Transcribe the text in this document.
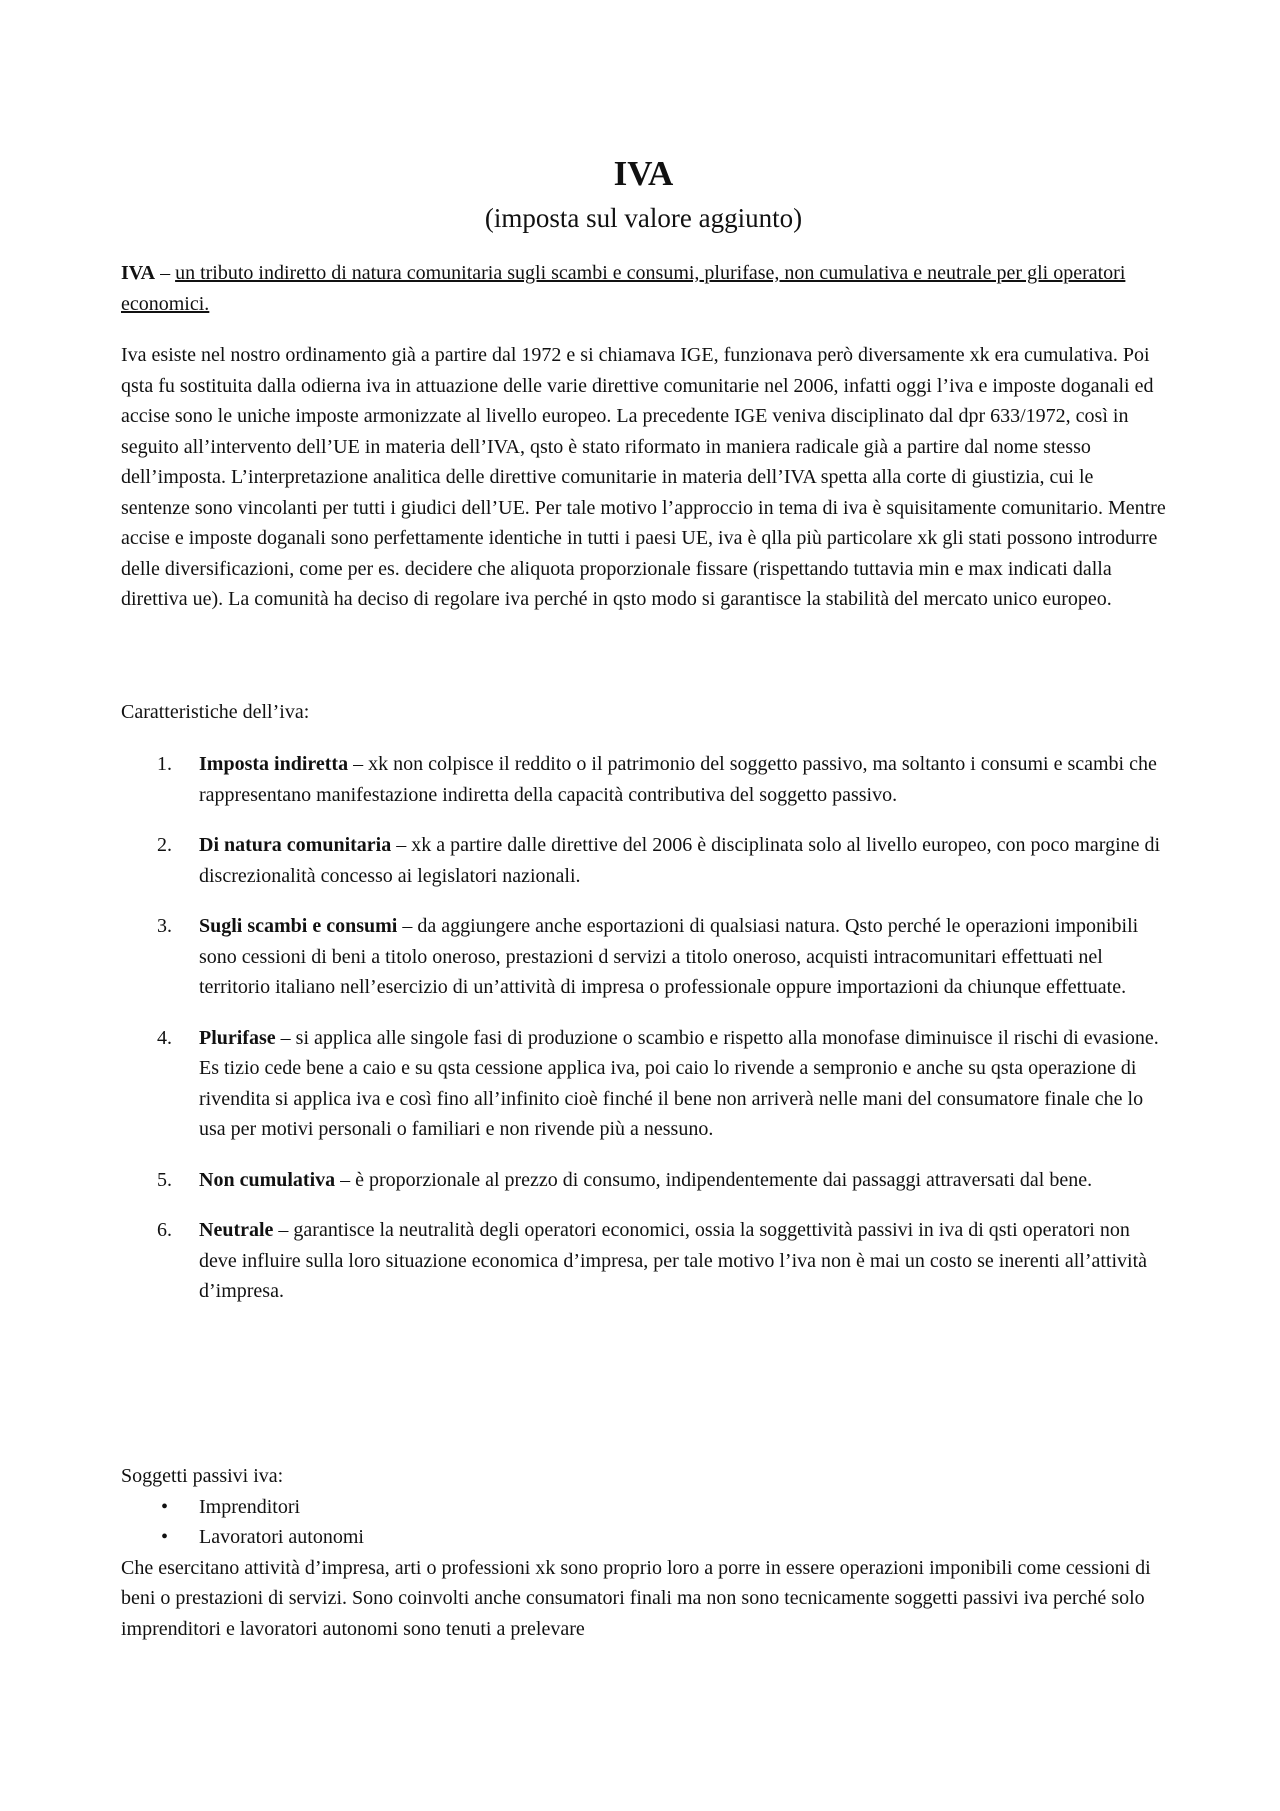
IVA
(imposta sul valore aggiunto)
IVA – un tributo indiretto di natura comunitaria sugli scambi e consumi, plurifase, non cumulativa e neutrale per gli operatori economici.
Iva esiste nel nostro ordinamento già a partire dal 1972 e si chiamava IGE, funzionava però diversamente xk era cumulativa. Poi qsta fu sostituita dalla odierna iva in attuazione delle varie direttive comunitarie nel 2006, infatti oggi l’iva e imposte doganali ed accise sono le uniche imposte armonizzate al livello europeo. La precedente IGE veniva disciplinato dal dpr 633/1972, così in seguito all’intervento dell’UE in materia dell’IVA, qsto è stato riformato in maniera radicale già a partire dal nome stesso dell’imposta. L’interpretazione analitica delle direttive comunitarie in materia dell’IVA spetta alla corte di giustizia, cui le sentenze sono vincolanti per tutti i giudici dell’UE. Per tale motivo l’approccio in tema di iva è squisitamente comunitario. Mentre accise e imposte doganali sono perfettamente identiche in tutti i paesi UE, iva è qlla più particolare xk gli stati possono introdurre delle diversificazioni, come per es. decidere che aliquota proporzionale fissare (rispettando tuttavia min e max indicati dalla direttiva ue). La comunità ha deciso di regolare iva perché in qsto modo si garantisce la stabilità del mercato unico europeo.
Caratteristiche dell’iva:
1. Imposta indiretta – xk non colpisce il reddito o il patrimonio del soggetto passivo, ma soltanto i consumi e scambi che rappresentano manifestazione indiretta della capacità contributiva del soggetto passivo.
2. Di natura comunitaria – xk a partire dalle direttive del 2006 è disciplinata solo al livello europeo, con poco margine di discrezionalità concesso ai legislatori nazionali.
3. Sugli scambi e consumi – da aggiungere anche esportazioni di qualsiasi natura. Qsto perché le operazioni imponibili sono cessioni di beni a titolo oneroso, prestazioni d servizi a titolo oneroso, acquisti intracomunitari effettuati nel territorio italiano nell’esercizio di un’attività di impresa o professionale oppure importazioni da chiunque effettuate.
4. Plurifase – si applica alle singole fasi di produzione o scambio e rispetto alla monofase diminuisce il rischi di evasione. Es tizio cede bene a caio e su qsta cessione applica iva, poi caio lo rivende a sempronio e anche su qsta operazione di rivendita si applica iva e così fino all’infinito cioè finché il bene non arriverà nelle mani del consumatore finale che lo usa per motivi personali o familiari e non rivende più a nessuno.
5. Non cumulativa – è proporzionale al prezzo di consumo, indipendentemente dai passaggi attraversati dal bene.
6. Neutrale – garantisce la neutralità degli operatori economici, ossia la soggettività passivi in iva di qsti operatori non deve influire sulla loro situazione economica d’impresa, per tale motivo l’iva non è mai un costo se inerenti all’attività d’impresa.
Soggetti passivi iva:
• Imprenditori
• Lavoratori autonomi
Che esercitano attività d’impresa, arti o professioni xk sono proprio loro a porre in essere operazioni imponibili come cessioni di beni o prestazioni di servizi. Sono coinvolti anche consumatori finali ma non sono tecnicamente soggetti passivi iva perché solo imprenditori e lavoratori autonomi sono tenuti a prelevare
